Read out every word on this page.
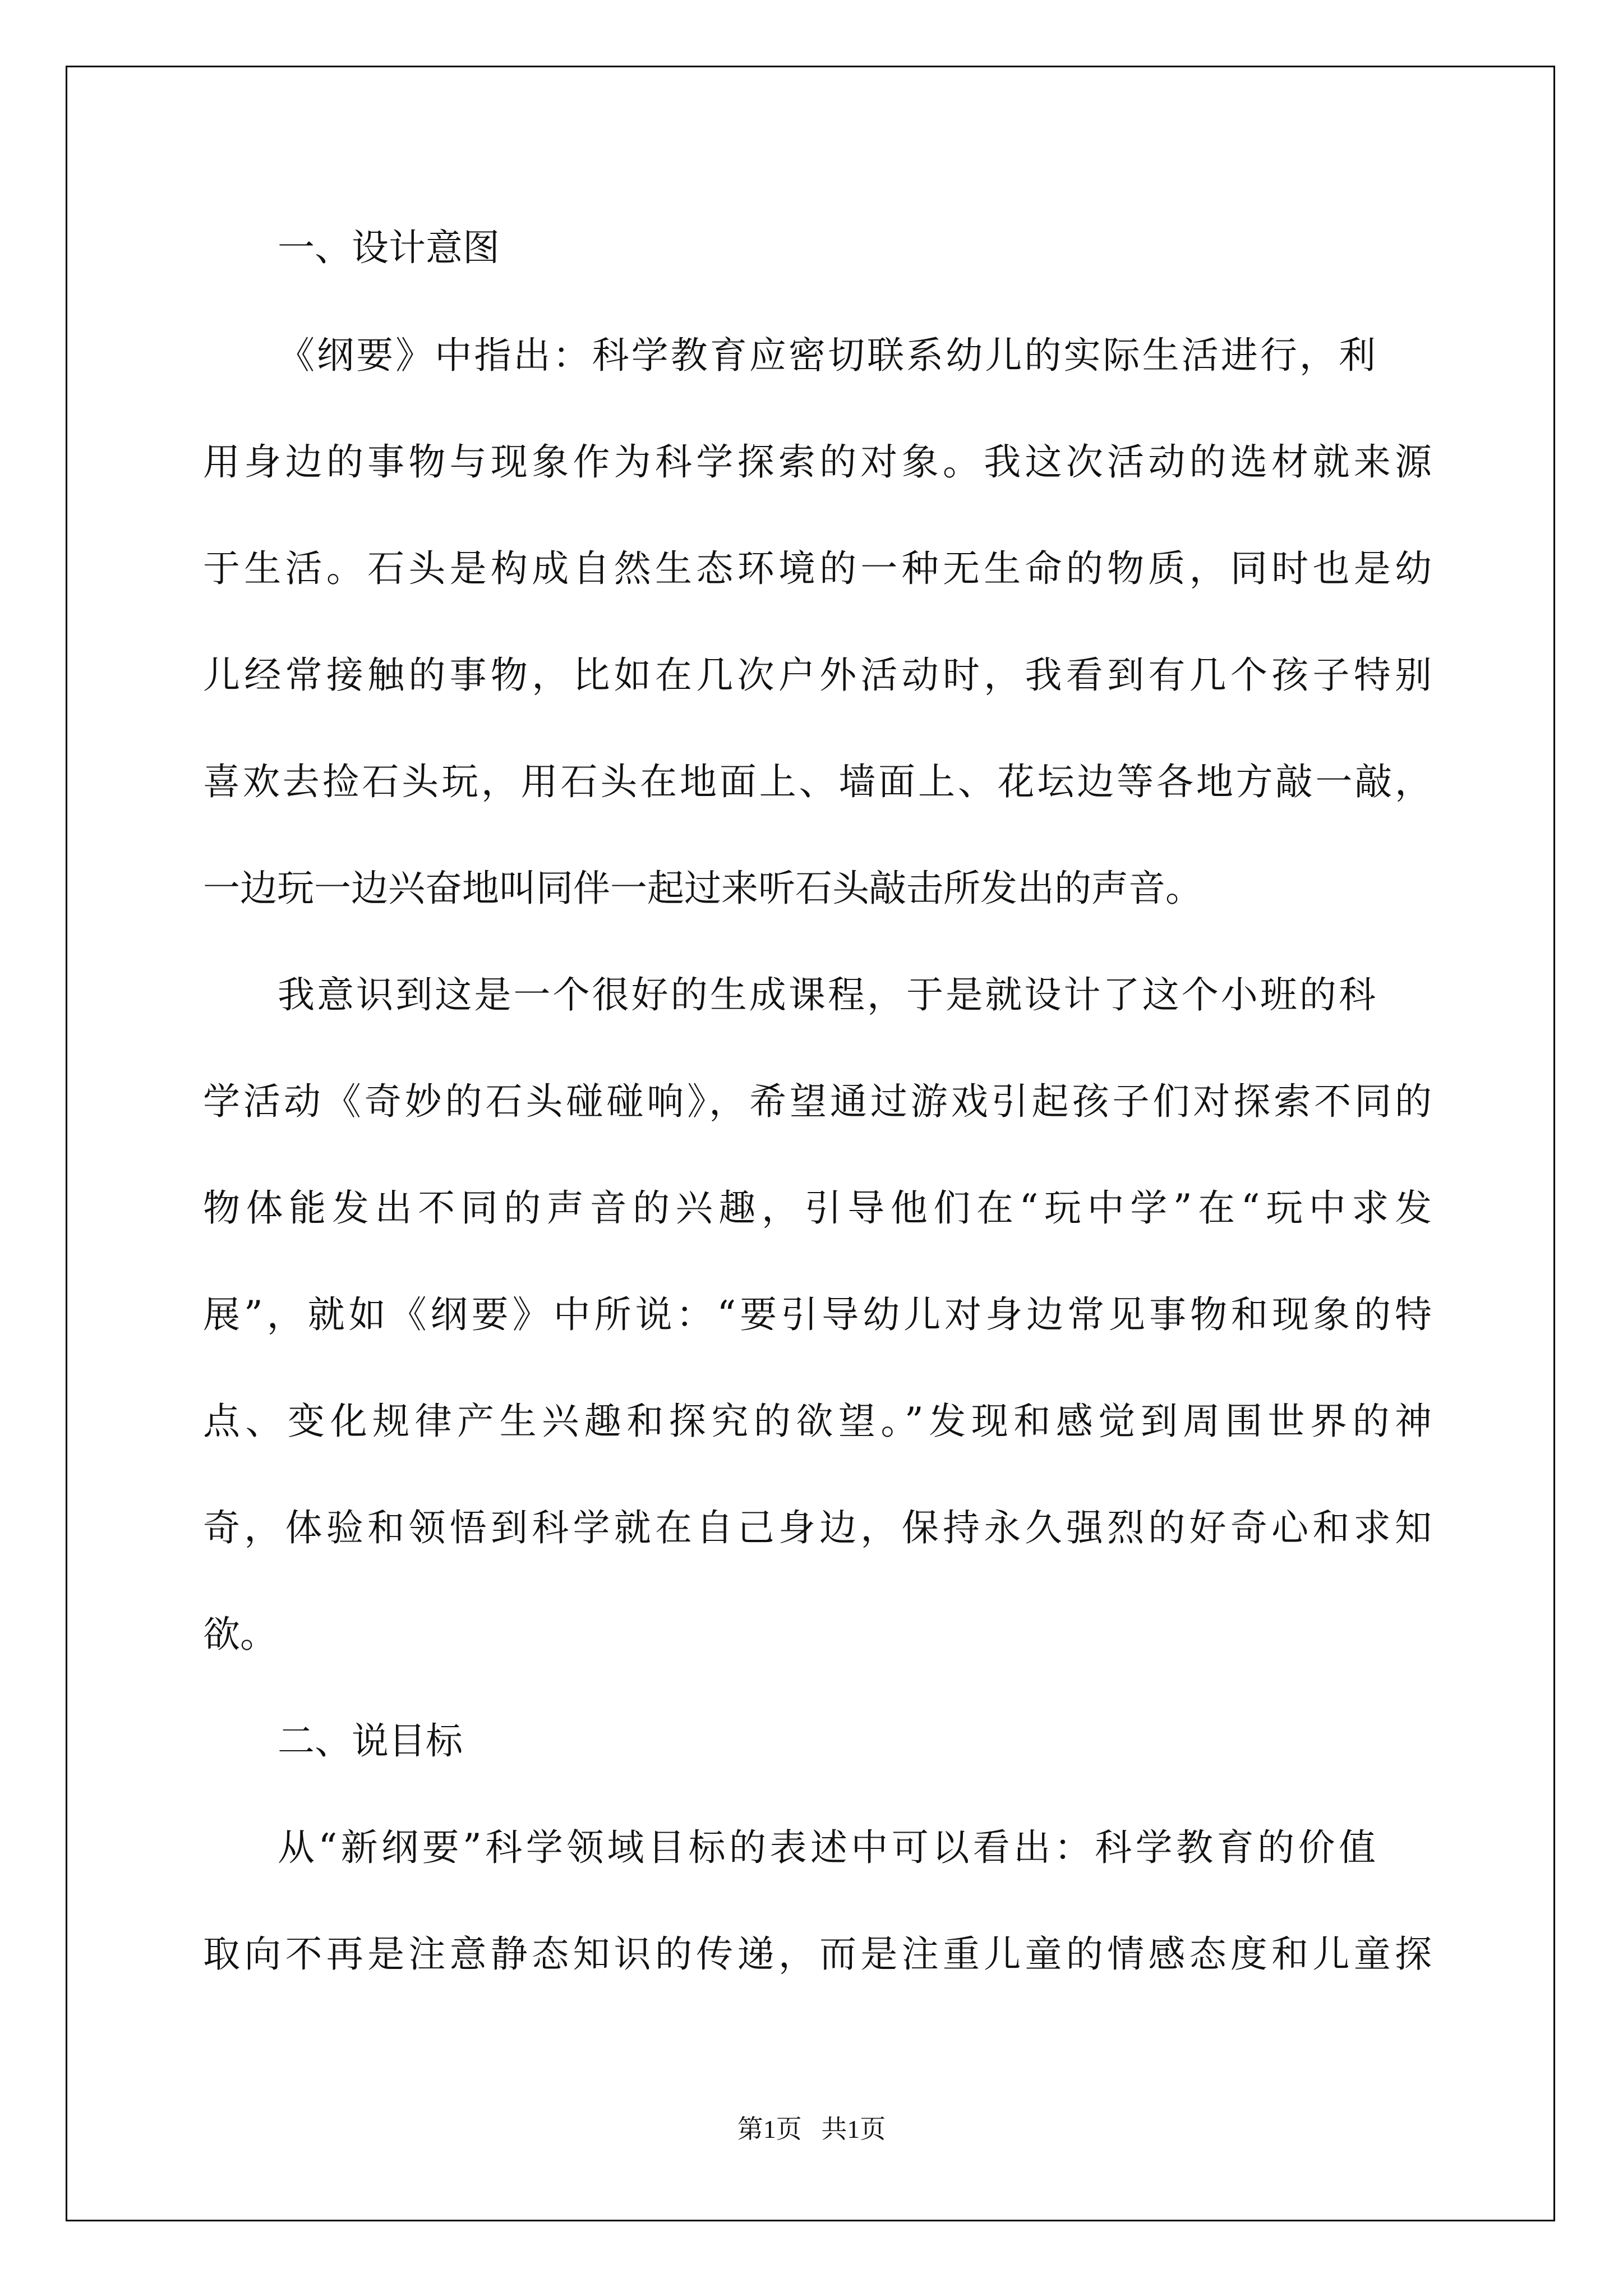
一、设计意图
《纲要》中指出：科学教育应密切联系幼儿的实际生活进行，利
用身边的事物与现象作为科学探索的对象。我这次活动的选材就来源
于生活。石头是构成自然生态环境的一种无生命的物质，同时也是幼
儿经常接触的事物，比如在几次户外活动时，我看到有几个孩子特别
喜欢去捡石头玩，用石头在地面上、墙面上、花坛边等各地方敲一敲，
一边玩一边兴奋地叫同伴一起过来听石头敲击所发出的声音。
我意识到这是一个很好的生成课程，于是就设计了这个小班的科
学活动《奇妙的石头碰碰响》，希望通过游戏引起孩子们对探索不同的
物体能发出不同的声音的兴趣，引导他们在“玩中学”在“玩中求发
展”，就如《纲要》中所说：“要引导幼儿对身边常见事物和现象的特
点、变化规律产生兴趣和探究的欲望。”发现和感觉到周围世界的神
奇，体验和领悟到科学就在自己身边，保持永久强烈的好奇心和求知
欲。
二、说目标
从“新纲要”科学领域目标的表述中可以看出：科学教育的价值
取向不再是注意静态知识的传递，而是注重儿童的情感态度和儿童探
第1页   共1页
